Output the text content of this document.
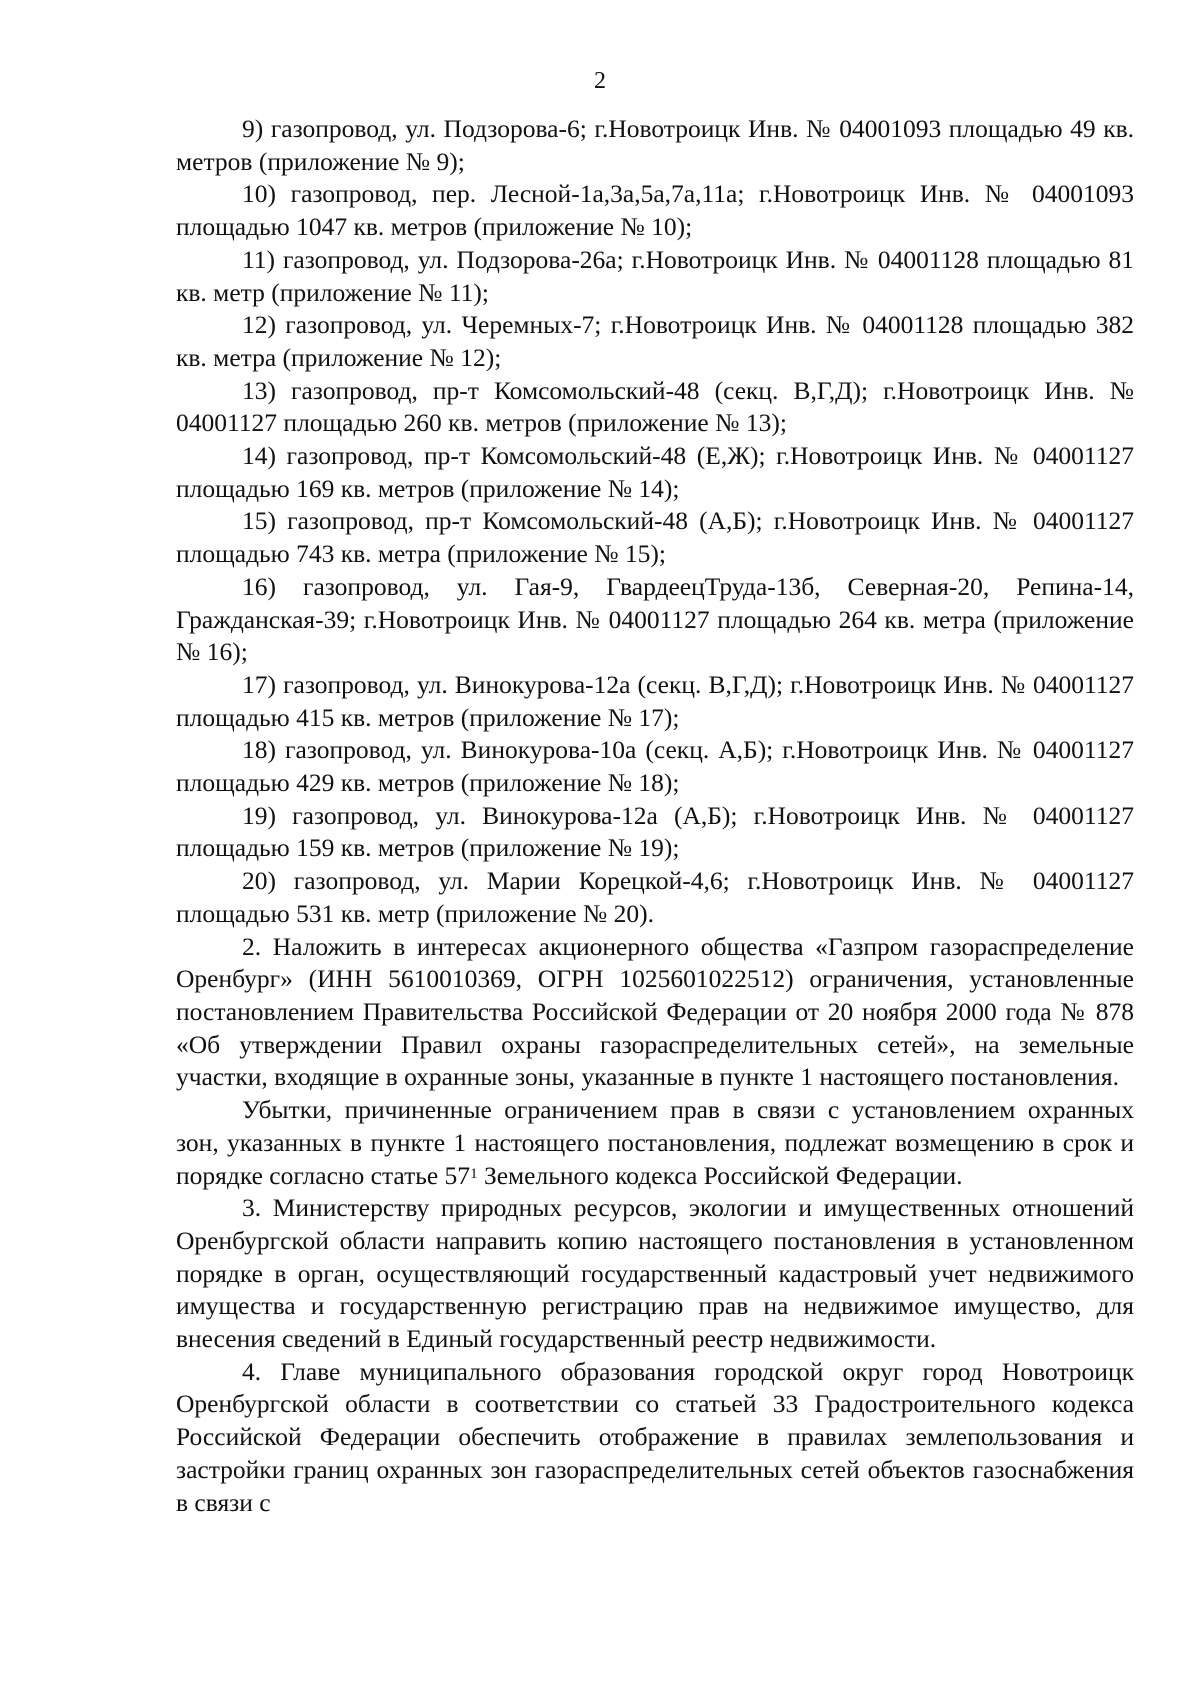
2

9) газопровод, ул. Подзорова-6; г.Новотроицк Инв. № 04001093 площадью 49 кв. метров (приложение № 9);

10) газопровод, пер. Лесной-1а,3а,5а,7а,11а; г.Новотроицк Инв. № 04001093 площадью 1047 кв. метров (приложение № 10);

11) газопровод, ул. Подзорова-26а; г.Новотроицк Инв. № 04001128 площадью 81 кв. метр (приложение № 11);

12) газопровод, ул. Черемных-7; г.Новотроицк Инв. № 04001128 площадью 382 кв. метра (приложение № 12);

13) газопровод, пр-т Комсомольский-48 (секц. В,Г,Д); г.Новотроицк Инв. № 04001127 площадью 260 кв. метров (приложение № 13);

14) газопровод, пр-т Комсомольский-48 (Е,Ж); г.Новотроицк Инв. № 04001127 площадью 169 кв. метров (приложение № 14);

15) газопровод, пр-т Комсомольский-48 (А,Б); г.Новотроицк Инв. № 04001127 площадью 743 кв. метра (приложение № 15);

16) газопровод, ул. Гая-9, ГвардеецТруда-13б, Северная-20, Репина-14, Гражданская-39; г.Новотроицк Инв. № 04001127 площадью 264 кв. метра (приложение № 16);

17) газопровод, ул. Винокурова-12а (секц. В,Г,Д); г.Новотроицк Инв. № 04001127 площадью 415 кв. метров (приложение № 17);

18) газопровод, ул. Винокурова-10а (секц. А,Б); г.Новотроицк Инв. № 04001127 площадью 429 кв. метров (приложение № 18);

19) газопровод, ул. Винокурова-12а (А,Б); г.Новотроицк Инв. № 04001127 площадью 159 кв. метров (приложение № 19);

20) газопровод, ул. Марии Корецкой-4,6; г.Новотроицк Инв. № 04001127 площадью 531 кв. метр (приложение № 20).

2. Наложить в интересах акционерного общества «Газпром газораспределение Оренбург» (ИНН 5610010369, ОГРН 1025601022512) ограничения, установленные постановлением Правительства Российской Федерации от 20 ноября 2000 года № 878 «Об утверждении Правил охраны газораспределительных сетей», на земельные участки, входящие в охранные зоны, указанные в пункте 1 настоящего постановления.

Убытки, причиненные ограничением прав в связи с установлением охранных зон, указанных в пункте 1 настоящего постановления, подлежат возмещению в срок и порядке согласно статье $57^1$ Земельного кодекса Российской Федерации.

3. Министерству природных ресурсов, экологии и имущественных отношений Оренбургской области направить копию настоящего постановления в установленном порядке в орган, осуществляющий государственный кадастровый учет недвижимого имущества и государственную регистрацию прав на недвижимое имущество, для внесения сведений в Единый государственный реестр недвижимости.

4. Главе муниципального образования городской округ город Новотроицк Оренбургской области в соответствии со статьей 33 Градостроительного кодекса Российской Федерации обеспечить отображение в правилах землепользования и застройки границ охранных зон газораспределительных сетей объектов газоснабжения в связи с
